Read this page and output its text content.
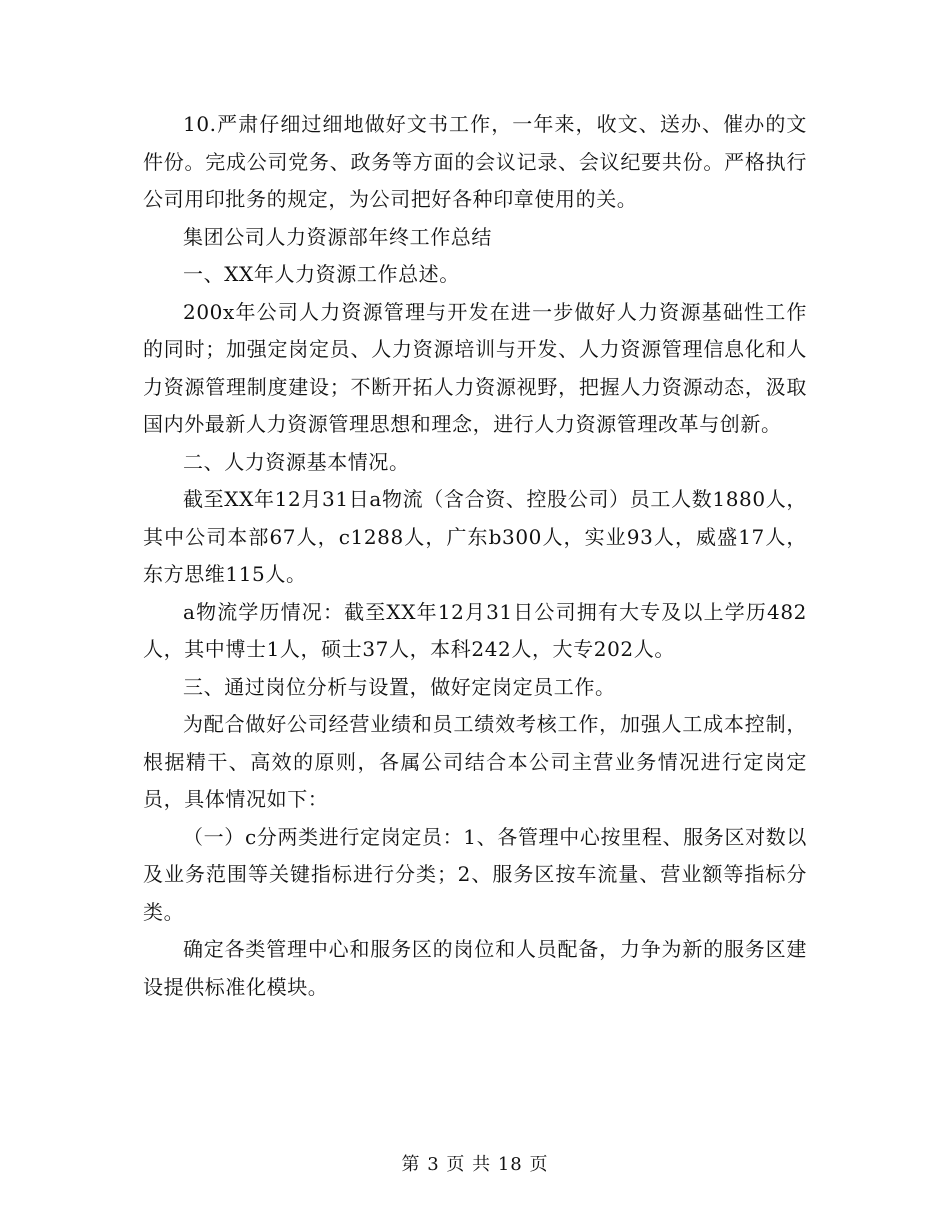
10.严肃仔细过细地做好文书工作，一年来，收文、送办、催办的文件份。完成公司党务、政务等方面的会议记录、会议纪要共份。严格执行公司用印批务的规定，为公司把好各种印章使用的关。

集团公司人力资源部年终工作总结

一、XX年人力资源工作总述。

200x年公司人力资源管理与开发在进一步做好人力资源基础性工作的同时；加强定岗定员、人力资源培训与开发、人力资源管理信息化和人力资源管理制度建设；不断开拓人力资源视野，把握人力资源动态，汲取国内外最新人力资源管理思想和理念，进行人力资源管理改革与创新。

二、人力资源基本情况。

截至XX年12月31日a物流（含合资、控股公司）员工人数1880人，其中公司本部67人，c1288人，广东b300人，实业93人，威盛17人，东方思维115人。

a物流学历情况：截至XX年12月31日公司拥有大专及以上学历482人，其中博士1人，硕士37人，本科242人，大专202人。

三、通过岗位分析与设置，做好定岗定员工作。

为配合做好公司经营业绩和员工绩效考核工作，加强人工成本控制，根据精干、高效的原则，各属公司结合本公司主营业务情况进行定岗定员，具体情况如下：

（一）c分两类进行定岗定员：1、各管理中心按里程、服务区对数以及业务范围等关键指标进行分类；2、服务区按车流量、营业额等指标分类。

确定各类管理中心和服务区的岗位和人员配备，力争为新的服务区建设提供标准化模块。

第 3 页 共 18 页
